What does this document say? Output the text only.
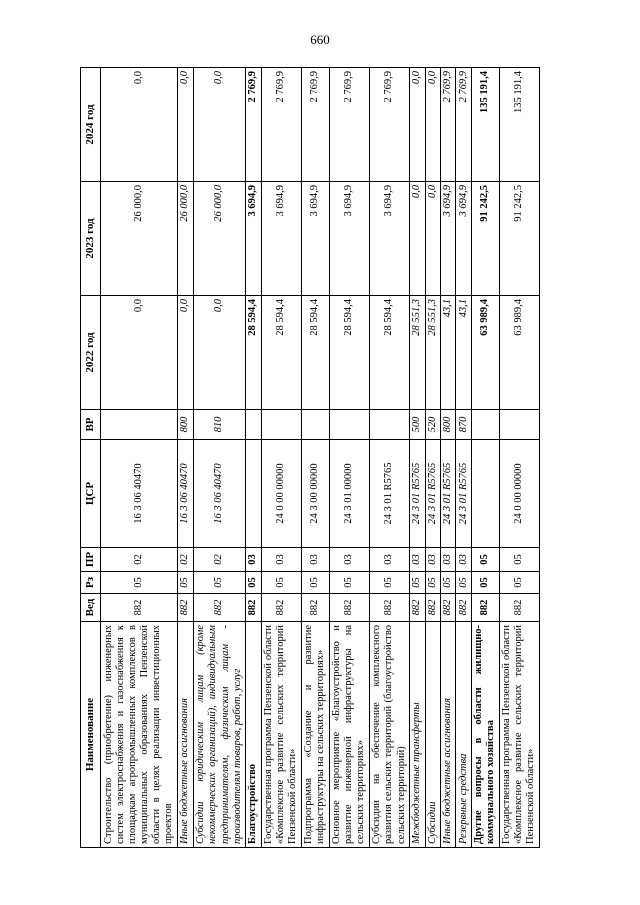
660
Наименование	Вед	Рз	ПР	ЦСР	ВР	2022 год	2023 год	2024 год
Строительство (приобретение) инженерных систем электроснабжения и газоснабжения к площадкам агропромышленных комплексов в муниципальных образованиях Пензенской области в целях реализации инвестиционных проектов	882	05	02	16 3 06 40470		0,0	26 000,0	0,0
Иные бюджетные ассигнования	882	05	02	16 3 06 40470	800	0,0	26 000,0	0,0
Субсидии юридическим лицам (кроме некоммерческих организаций), индивидуальным предпринимателям, физическим лицам - производителям товаров, работ, услуг	882	05	02	16 3 06 40470	810	0,0	26 000,0	0,0
Благоустройство	882	05	03			28 594,4	3 694,9	2 769,9
Государственная программа Пензенской области «Комплексное развитие сельских территорий Пензенской области»	882	05	03	24 0 00 00000		28 594,4	3 694,9	2 769,9
Подпрограмма «Создание и развитие инфраструктуры на сельских территориях»	882	05	03	24 3 00 00000		28 594,4	3 694,9	2 769,9
Основное мероприятие «Благоустройство и развитие инженерной инфраструктуры на сельских территориях»	882	05	03	24 3 01 00000		28 594,4	3 694,9	2 769,9
Субсидии на обеспечение комплексного развития сельских территорий (благоустройство сельских территорий)	882	05	03	24 3 01 R5765		28 594,4	3 694,9	2 769,9
Межбюджетные трансферты	882	05	03	24 3 01 R5765	500	28 551,3	0,0	0,0
Субсидии	882	05	03	24 3 01 R5765	520	28 551,3	0,0	0,0
Иные бюджетные ассигнования	882	05	03	24 3 01 R5765	800	43,1	3 694,9	2 769,9
Резервные средства	882	05	03	24 3 01 R5765	870	43,1	3 694,9	2 769,9
Другие вопросы в области жилищно-коммунального хозяйства	882	05	05			63 989,4	91 242,5	135 191,4
Государственная программа Пензенской области «Комплексное развитие сельских территорий Пензенской области»	882	05	05	24 0 00 00000		63 989,4	91 242,5	135 191,4
